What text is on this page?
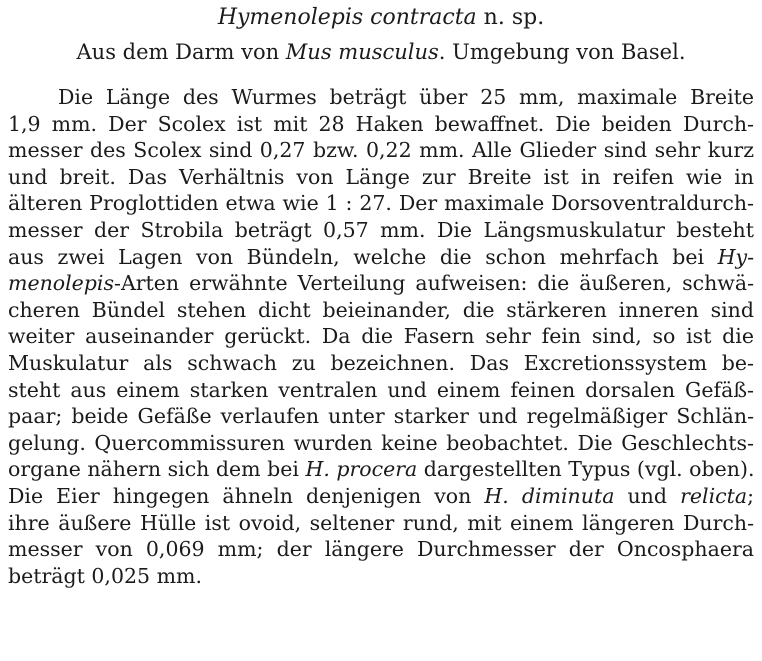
Hymenolepis contracta n. sp.
Aus dem Darm von Mus musculus. Umgebung von Basel.
Die Länge des Wurmes beträgt über 25 mm, maximale Breite
1,9 mm. Der Scolex ist mit 28 Haken bewaffnet. Die beiden Durch-
messer des Scolex sind 0,27 bzw. 0,22 mm. Alle Glieder sind sehr kurz
und breit. Das Verhältnis von Länge zur Breite ist in reifen wie in
älteren Proglottiden etwa wie 1 : 27. Der maximale Dorsoventraldurch-
messer der Strobila beträgt 0,57 mm. Die Längsmuskulatur besteht
aus zwei Lagen von Bündeln, welche die schon mehrfach bei Hy-
menolepis-Arten erwähnte Verteilung aufweisen: die äußeren, schwä-
cheren Bündel stehen dicht beieinander, die stärkeren inneren sind
weiter auseinander gerückt. Da die Fasern sehr fein sind, so ist die
Muskulatur als schwach zu bezeichnen. Das Excretionssystem be-
steht aus einem starken ventralen und einem feinen dorsalen Gefäß-
paar; beide Gefäße verlaufen unter starker und regelmäßiger Schlän-
gelung. Quercommissuren wurden keine beobachtet. Die Geschlechts-
organe nähern sich dem bei H. procera dargestellten Typus (vgl. oben).
Die Eier hingegen ähneln denjenigen von H. diminuta und relicta;
ihre äußere Hülle ist ovoid, seltener rund, mit einem längeren Durch-
messer von 0,069 mm; der längere Durchmesser der Oncosphaera
beträgt 0,025 mm.
